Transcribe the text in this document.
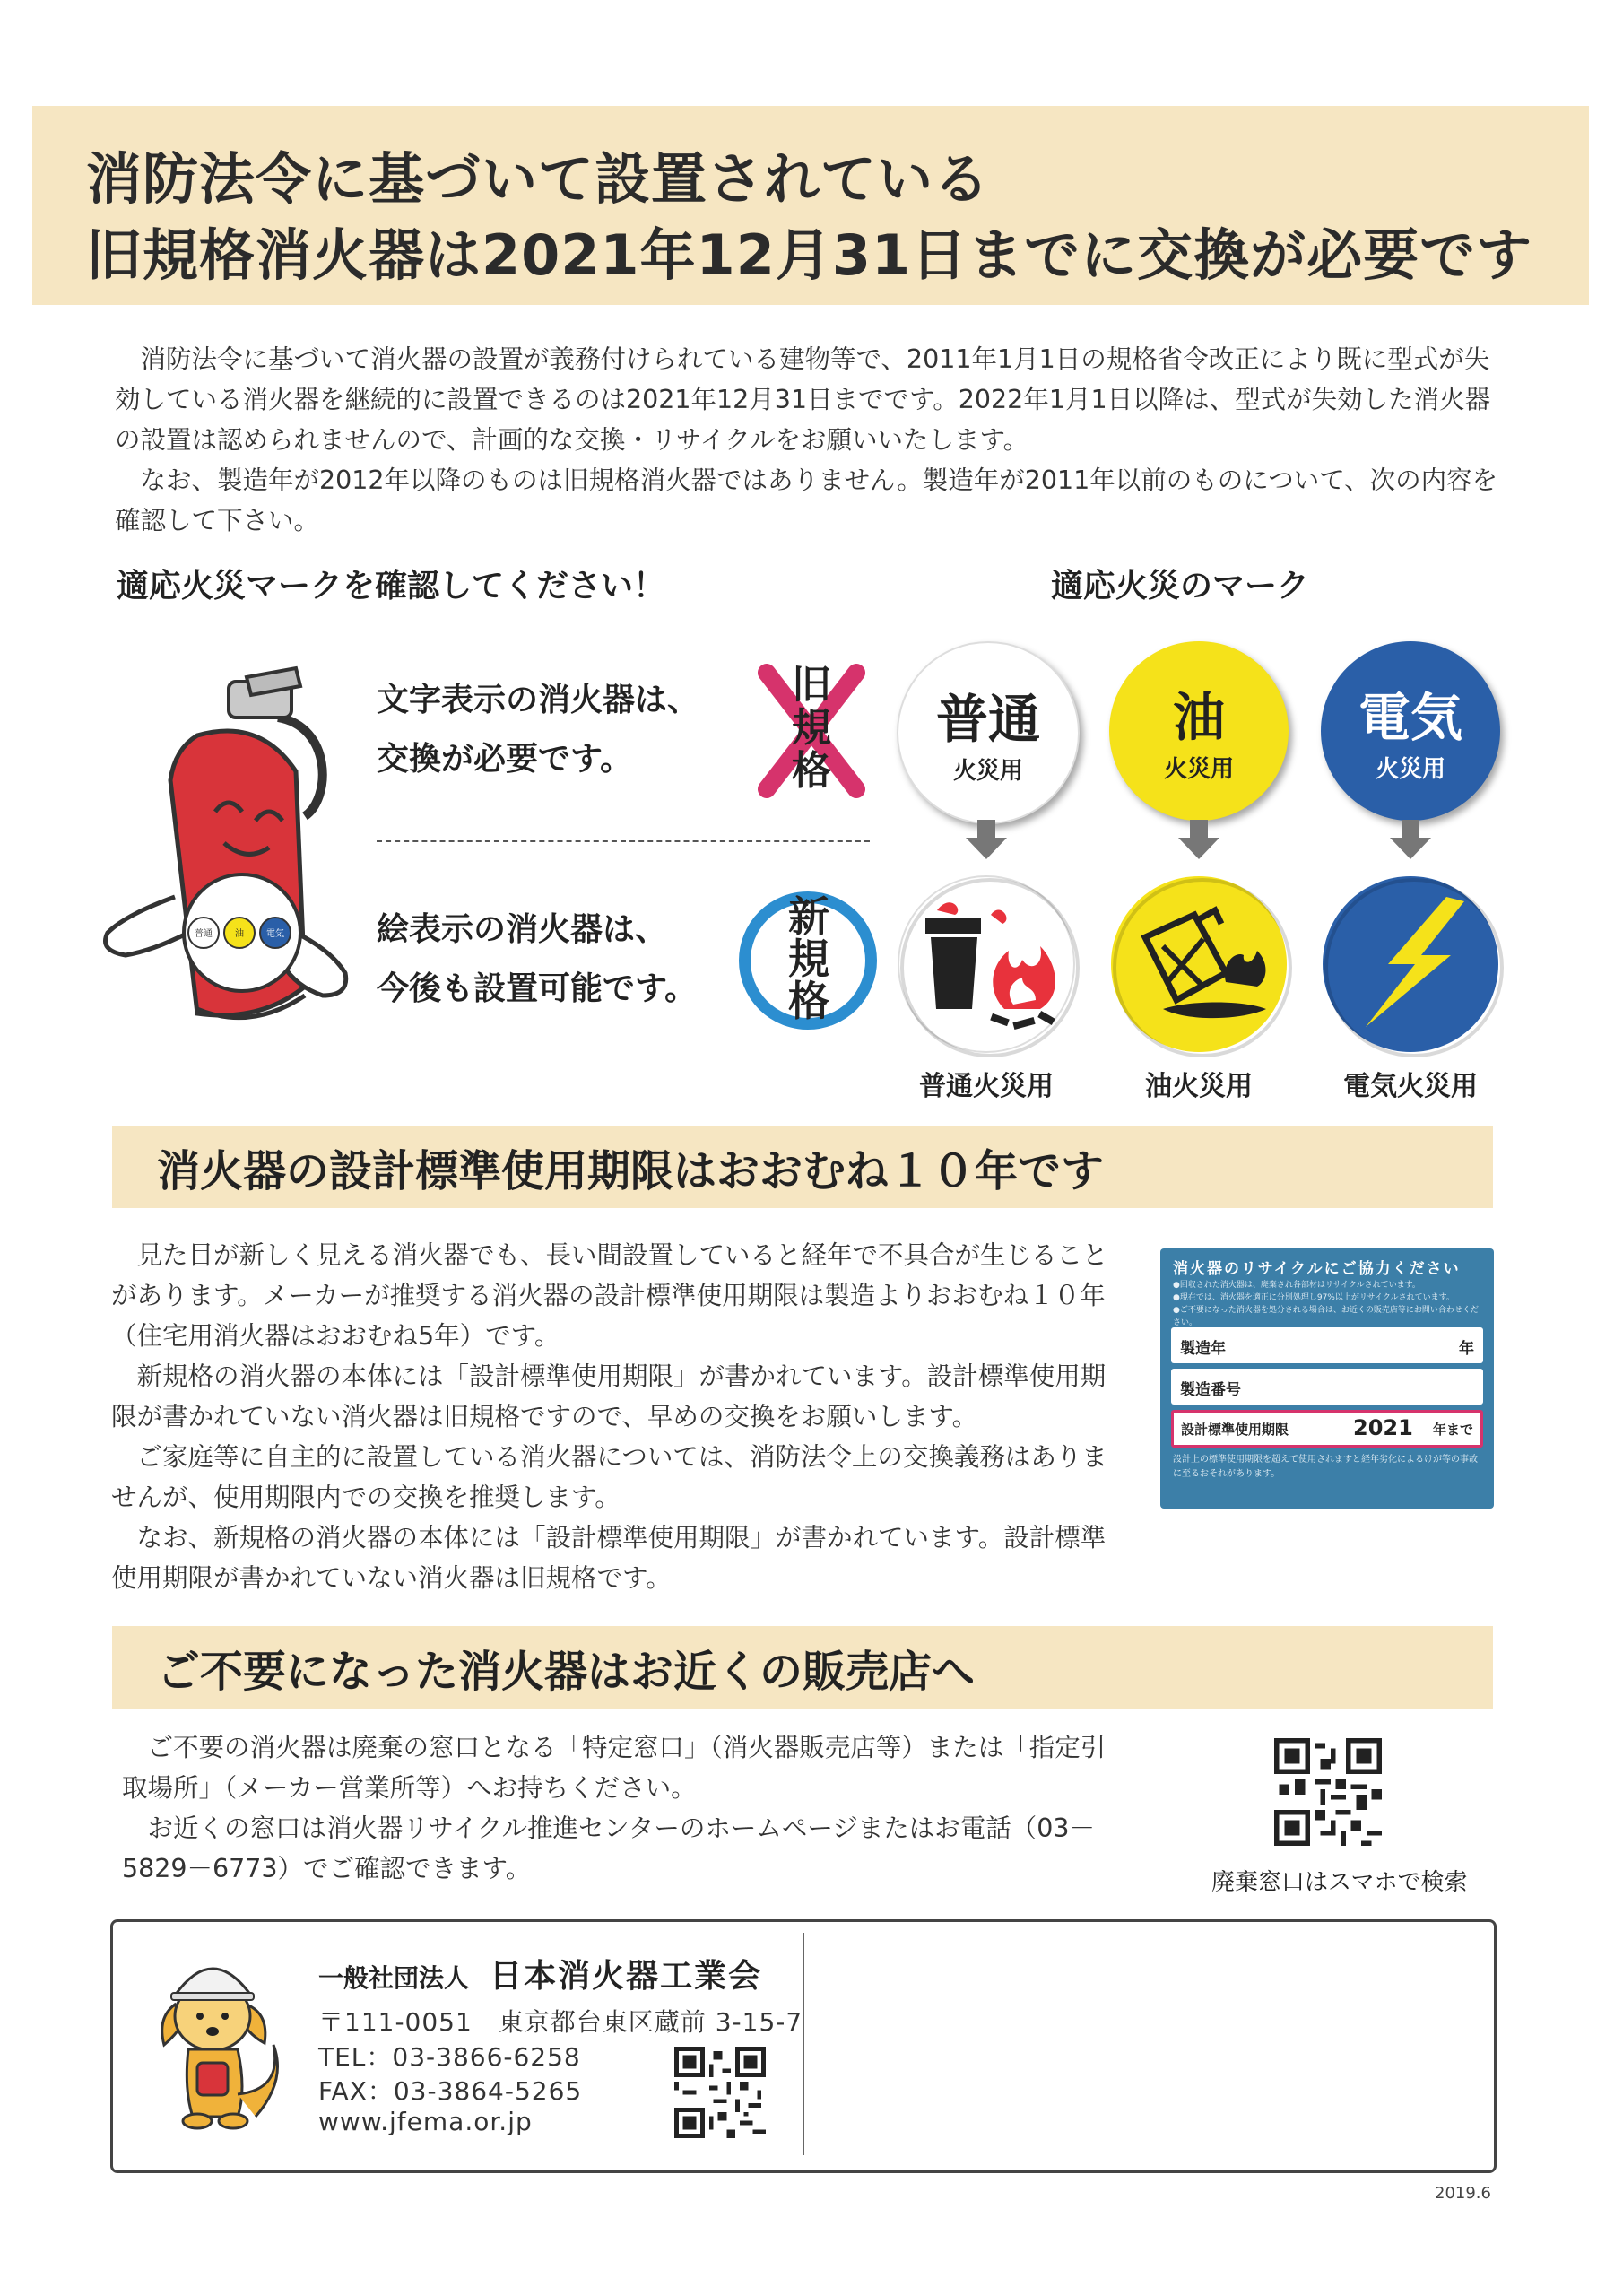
消防法令に基づいて設置されている
旧規格消火器は2021年12月31日までに交換が必要です

消防法令に基づいて消火器の設置が義務付けられている建物等で、2011年1月1日の規格省令改正により既に型式が失効している消火器を継続的に設置できるのは2021年12月31日までです。2022年1月1日以降は、型式が失効した消火器の設置は認められませんので、計画的な交換・リサイクルをお願いいたします。

なお、製造年が2012年以降のものは旧規格消火器ではありません。製造年が2011年以前のものについて、次の内容を確認して下さい。

適応火災マークを確認してください！	適応火災のマーク
普通	油	電気
文字表示の消火器は、
交換が必要です。
絵表示の消火器は、
今後も設置可能です。
旧規格
新規格
普通
火災用
油
火災用
電気
火災用
普通火災用	油火災用	電気火災用
消火器の設計標準使用期限はおおむね１０年です

見た目が新しく見える消火器でも、長い間設置していると経年で不具合が生じることがあります。メーカーが推奨する消火器の設計標準使用期限は製造よりおおむね１０年（住宅用消火器はおおむね5年）です。

新規格の消火器の本体には「設計標準使用期限」が書かれています。設計標準使用期限が書かれていない消火器は旧規格ですので、早めの交換をお願いします。

ご家庭等に自主的に設置している消火器については、消防法令上の交換義務はありませんが、使用期限内での交換を推奨します。

なお、新規格の消火器の本体には「設計標準使用期限」が書かれています。設計標準使用期限が書かれていない消火器は旧規格です。

消火器のリサイクルにご協力ください
●回収された消火器は、廃棄され各部材はリサイクルされています。
●現在では、消火器を適正に分別処理し97%以上がリサイクルされています。
●ご不要になった消火器を処分される場合は、お近くの販売店等にお問い合わせください。
製造年	年
製造番号
設計標準使用期限	2021 年まで
設計上の標準使用期限を超えて使用されますと経年劣化によるけが等の事故に至るおそれがあります。
ご不要になった消火器はお近くの販売店へ

ご不要の消火器は廃棄の窓口となる「特定窓口」（消火器販売店等）または「指定引取場所」（メーカー営業所等）へお持ちください。

お近くの窓口は消火器リサイクル推進センターのホームページまたはお電話（03－5829－6773）でご確認できます。	廃棄窓口はスマホで検索
一般社団法人 日本消火器工業会
〒111-0051　東京都台東区蔵前 3-15-7
TEL：03-3866-6258
FAX：03-3864-5265
www.jfema.or.jp
2019.6
